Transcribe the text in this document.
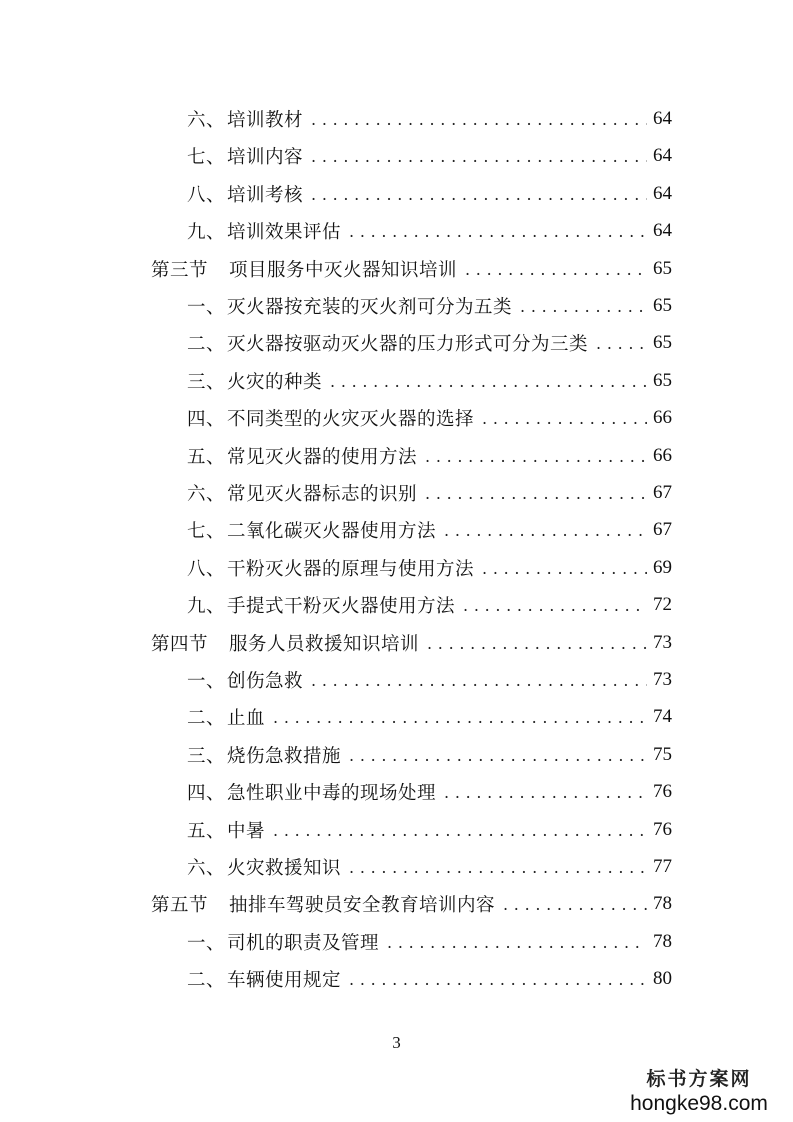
六、 培训教材 . . .	64
七、 培训内容 . . .	64
八、 培训考核 . . .	64
九、 培训效果评估 . . .	64
第三节  项目服务中灭火器知识培训 . . .	65
一、 灭火器按充装的灭火剂可分为五类 . . .	65
二、 灭火器按驱动灭火器的压力形式可分为三类 . . .	65
三、 火灾的种类 . . .	65
四、 不同类型的火灾灭火器的选择 . . .	66
五、 常见灭火器的使用方法 . . .	66
六、 常见灭火器标志的识别 . . .	67
七、 二氧化碳灭火器使用方法 . . .	67
八、 干粉灭火器的原理与使用方法 . . .	69
九、 手提式干粉灭火器使用方法 . . .	72
第四节  服务人员救援知识培训 . . .	73
一、 创伤急救 . . .	73
二、 止血 . . .	74
三、 烧伤急救措施 . . .	75
四、 急性职业中毒的现场处理 . . .	76
五、 中暑 . . .	76
六、 火灾救援知识 . . .	77
第五节  抽排车驾驶员安全教育培训内容 . . .	78
一、 司机的职责及管理 . . .	78
二、 车辆使用规定 . . .	80
3
标书方案网
hongke98.com
